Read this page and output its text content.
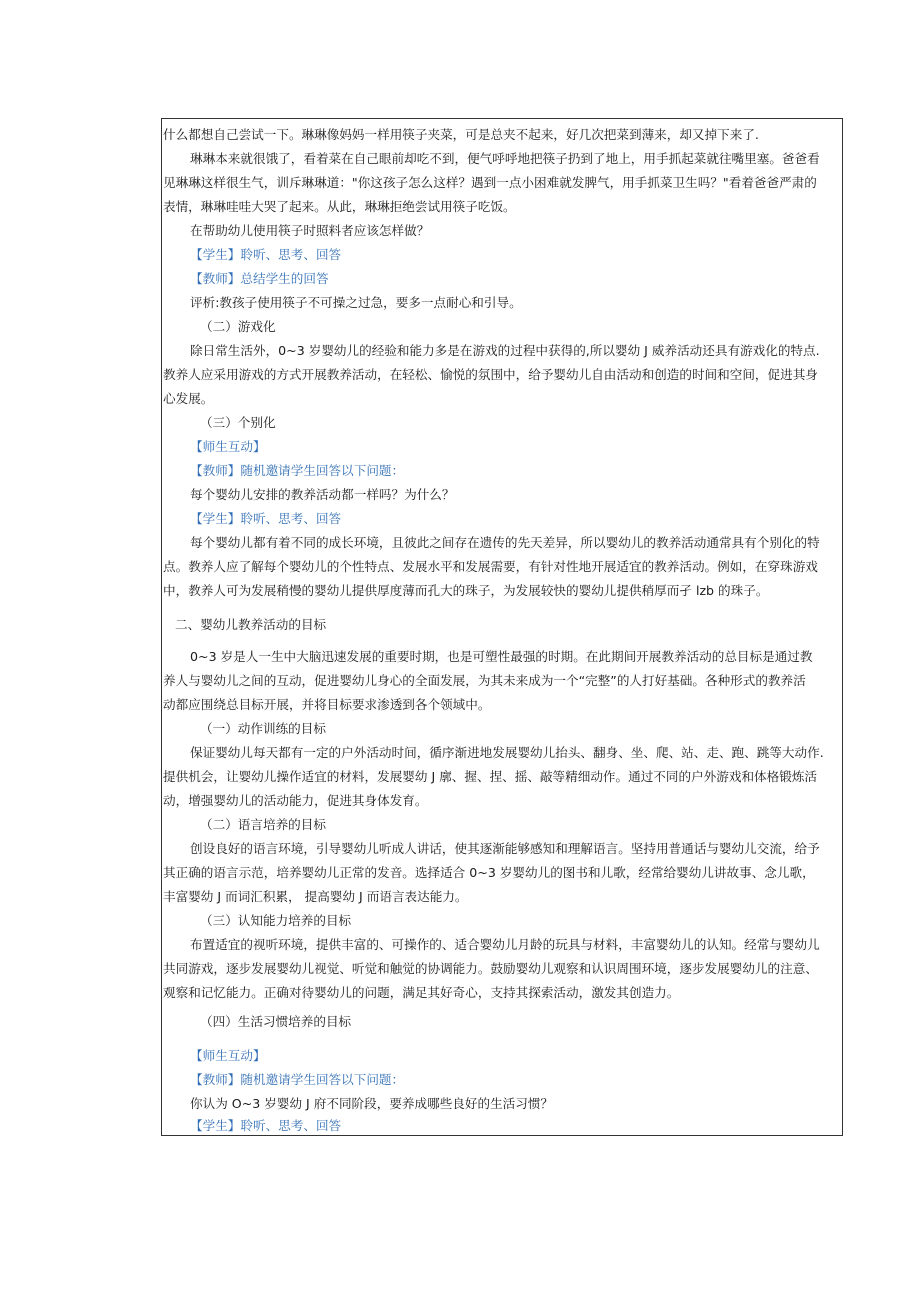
什么都想自己尝试一下。琳琳像妈妈一样用筷子夹菜，可是总夹不起来，好几次把菜到薄来，却又掉下来了.
琳琳本来就很饿了，看着菜在自己眼前却吃不到，便气呼呼地把筷子扔到了地上，用手抓起菜就往嘴里塞。爸爸看
见琳琳这样很生气，训斥琳琳道："你这孩子怎么这样？遇到一点小困难就发脾气，用手抓菜卫生吗？"看着爸爸严肃的
表情，琳琳哇哇大哭了起来。从此，琳琳拒绝尝试用筷子吃饭。
在帮助幼儿使用筷子时照料者应该怎样做？
【学生】聆听、思考、回答
【教师】总结学生的回答
评析:教孩子使用筷子不可操之过急，要多一点耐心和引导。
（二）游戏化
除日常生活外，0~3 岁婴幼儿的经验和能力多是在游戏的过程中获得的,所以婴幼 J 威养活动还具有游戏化的特点.
教养人应采用游戏的方式开展教养活动，在轻松、愉悦的氛围中，给予婴幼儿自由活动和创造的时间和空间，促进其身
心发展。
（三）个别化
【师生互动】
【教师】随机邀请学生回答以下问题：
每个婴幼儿安排的教养活动都一样吗？为什么？
【学生】聆听、思考、回答
每个婴幼儿都有着不同的成长环境，且彼此之间存在遗传的先天差异，所以婴幼儿的教养活动通常具有个别化的特
点。教养人应了解每个婴幼儿的个性特点、发展水平和发展需要，有针对性地开展适宜的教养活动。例如，在穿珠游戏
中，教养人可为发展稍慢的婴幼儿提供厚度薄而孔大的珠子，为发展较快的婴幼儿提供稍厚而孑 lzb 的珠子。
二、婴幼儿教养活动的目标
0~3 岁是人一生中大脑迅速发展的重要时期，也是可塑性最强的时期。在此期间开展教养活动的总目标是通过教
养人与婴幼儿之间的互动，促进婴幼儿身心的全面发展，为其未来成为一个“完整”的人打好基础。各种形式的教养活
动都应围绕总目标开展，并将目标要求渗透到各个领域中。
（一）动作训练的目标
保证婴幼儿每天都有一定的户外活动时间，循序渐进地发展婴幼儿抬头、翻身、坐、爬、站、走、跑、跳等大动作.
提供机会，让婴幼儿操作适宜的材料，发展婴幼 J 廓、握、捏、摇、敲等精细动作。通过不同的户外游戏和体格锻炼活
动，增强婴幼儿的活动能力，促进其身体发育。
（二）语言培养的目标
创设良好的语言环境，引导婴幼儿听成人讲话，使其逐渐能够感知和理解语言。坚持用普通话与婴幼儿交流，给予
其正确的语言示范，培养婴幼儿正常的发音。选择适合 0~3 岁婴幼儿的图书和儿歌，经常给婴幼儿讲故事、念儿歌，
丰富婴幼 J 而词汇积累， 提高婴幼 J 而语言表达能力。
（三）认知能力培养的目标
布置适宜的视听环境，提供丰富的、可操作的、适合婴幼儿月龄的玩具与材料，丰富婴幼儿的认知。经常与婴幼儿
共同游戏，逐步发展婴幼儿视觉、听觉和触觉的协调能力。鼓励婴幼儿观察和认识周围环境，逐步发展婴幼儿的注意、
观察和记忆能力。正确对待婴幼儿的问题，满足其好奇心，支持其探索活动，激发其创造力。
（四）生活习惯培养的目标
【师生互动】
【教师】随机邀请学生回答以下问题：
你认为 O~3 岁婴幼 J 府不同阶段，要养成哪些良好的生活习惯？
【学生】聆听、思考、回答
